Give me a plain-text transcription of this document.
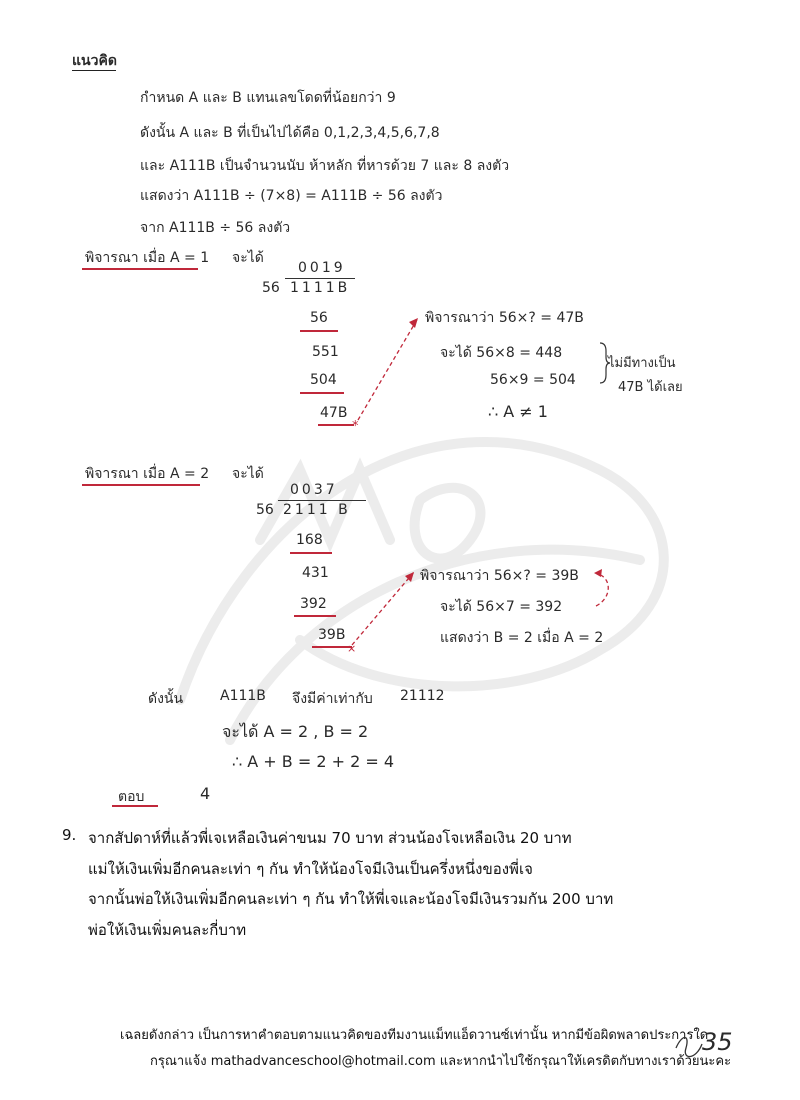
แนวคิด
กำหนด A และ B แทนเลขโดดที่น้อยกว่า 9
ดังนั้น A และ B ที่เป็นไปได้คือ 0,1,2,3,4,5,6,7,8
และ A111B เป็นจำนวนนับ ห้าหลัก ที่หารด้วย 7 และ 8 ลงตัว
แสดงว่า A111B ÷ (7×8) = A111B ÷ 56 ลงตัว
จาก A111B ÷ 56 ลงตัว
พิจารณา เมื่อ A = 1 จะได้
0019
56 1111B
56
551
504
47B
พิจารณาว่า 56×? = 47B
จะได้ 56×8 = 448
56×9 = 504
ไม่มีทางเป็น
47B ได้เลย
∴ A ≠ 1
พิจารณา เมื่อ A = 2 จะได้
0037
56 2111 B
168
431
392
39B
พิจารณาว่า 56×? = 39B
จะได้ 56×7 = 392
แสดงว่า B = 2 เมื่อ A = 2
ดังนั้น	A111B จึงมีค่าเท่ากับ 21112
จะได้ A = 2 , B = 2
∴ A + B = 2 + 2 = 4
ตอบ	4
9. จากสัปดาห์ที่แล้วพี่เจเหลือเงินค่าขนม 70 บาท ส่วนน้องโจเหลือเงิน 20 บาท
แม่ให้เงินเพิ่มอีกคนละเท่า ๆ กัน ทำให้น้องโจมีเงินเป็นครึ่งหนึ่งของพี่เจ
จากนั้นพ่อให้เงินเพิ่มอีกคนละเท่า ๆ กัน ทำให้พี่เจและน้องโจมีเงินรวมกัน 200 บาท
พ่อให้เงินเพิ่มคนละกี่บาท
เฉลยดังกล่าว เป็นการหาคำตอบตามแนวคิดของทีมงานแม็ทแอ็ดวานซ์เท่านั้น หากมีข้อผิดพลาดประการใด
กรุณาแจ้ง mathadvanceschool@hotmail.com และหากนำไปใช้กรุณาให้เครดิตกับทางเราด้วยนะคะ
35
*
×
